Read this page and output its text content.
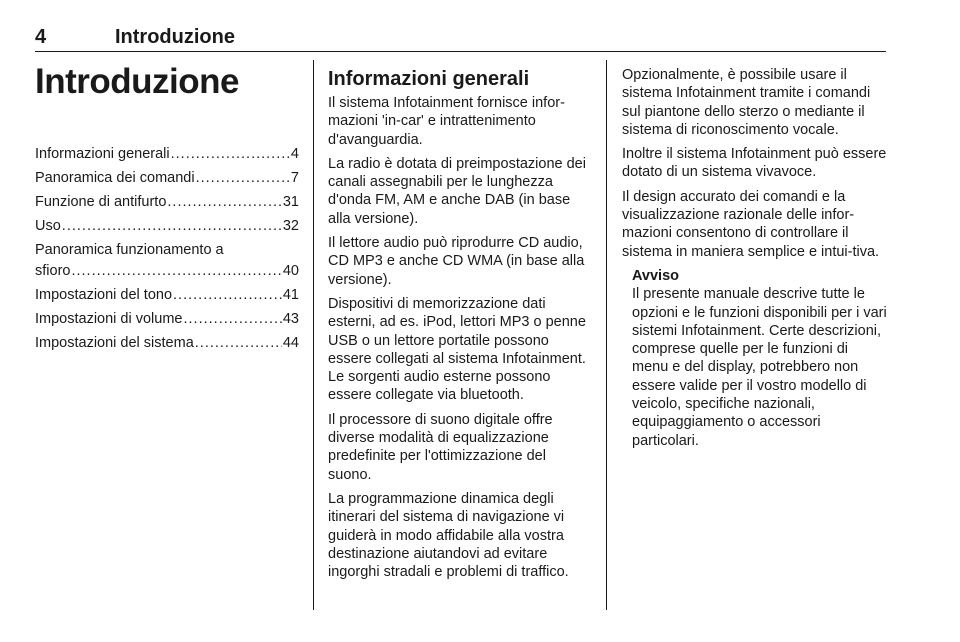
4	Introduzione
Introduzione
Informazioni generali .....	4
Panoramica dei comandi .....	7
Funzione di antifurto .....	31
Uso .....	32
Panoramica funzionamento a
sfioro .....	40
Impostazioni del tono .....	41
Impostazioni di volume .....	43
Impostazioni del sistema .....	44
Informazioni generali

Il sistema Infotainment fornisce infor-mazioni 'in-car' e intrattenimento d'avanguardia.

La radio è dotata di preimpostazione dei canali assegnabili per le lunghezza d'onda FM, AM e anche DAB (in base alla versione).

Il lettore audio può riprodurre CD audio, CD MP3 e anche CD WMA (in base alla versione).

Dispositivi di memorizzazione dati esterni, ad es. iPod, lettori MP3 o penne USB o un lettore portatile possono essere collegati al sistema Infotainment. Le sorgenti audio esterne possono essere collegate via bluetooth.

Il processore di suono digitale offre diverse modalità di equalizzazione predefinite per l'ottimizzazione del suono.

La programmazione dinamica degli itinerari del sistema di navigazione vi guiderà in modo affidabile alla vostra destinazione aiutandovi ad evitare ingorghi stradali e problemi di traffico.

Opzionalmente, è possibile usare il sistema Infotainment tramite i comandi sul piantone dello sterzo o mediante il sistema di riconoscimento vocale.

Inoltre il sistema Infotainment può essere dotato di un sistema vivavoce.

Il design accurato dei comandi e la visualizzazione razionale delle infor-mazioni consentono di controllare il sistema in maniera semplice e intui-tiva.

Avviso

Il presente manuale descrive tutte le opzioni e le funzioni disponibili per i vari sistemi Infotainment. Certe descrizioni, comprese quelle per le funzioni di menu e del display, potrebbero non essere valide per il vostro modello di veicolo, specifiche nazionali, equipaggiamento o accessori particolari.
